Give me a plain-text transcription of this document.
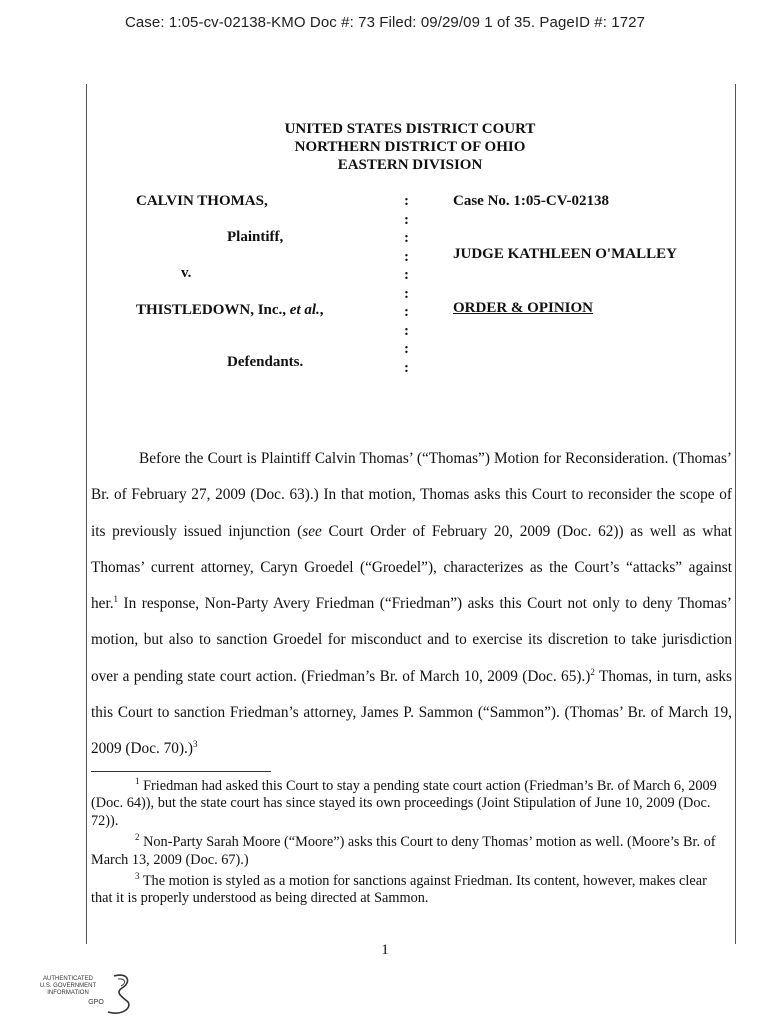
Case: 1:05-cv-02138-KMO Doc #: 73 Filed: 09/29/09 1 of 35. PageID #: 1727
UNITED STATES DISTRICT COURT
NORTHERN DISTRICT OF OHIO
EASTERN DIVISION
CALVIN THOMAS,
Plaintiff,
v.
THISTLEDOWN, Inc., et al.,
Defendants.
:
:
:
:
:
:
:
:
:
:
Case No. 1:05-CV-02138
JUDGE KATHLEEN O'MALLEY
ORDER & OPINION

Before the Court is Plaintiff Calvin Thomas’ (“Thomas”) Motion for Reconsideration. (Thomas’ Br. of February 27, 2009 (Doc. 63).) In that motion, Thomas asks this Court to reconsider the scope of its previously issued injunction (see Court Order of February 20, 2009 (Doc. 62)) as well as what Thomas’ current attorney, Caryn Groedel (“Groedel”), characterizes as the Court’s “attacks” against her.$^1$ In response, Non-Party Avery Friedman (“Friedman”) asks this Court not only to deny Thomas’ motion, but also to sanction Groedel for misconduct and to exercise its discretion to take jurisdiction over a pending state court action. (Friedman’s Br. of March 10, 2009 (Doc. 65).)$^2$ Thomas, in turn, asks this Court to sanction Friedman’s attorney, James P. Sammon (“Sammon”). (Thomas’ Br. of March 19, 2009 (Doc. 70).)$^3$

$^1$ Friedman had asked this Court to stay a pending state court action (Friedman’s Br. of March 6, 2009 (Doc. 64)), but the state court has since stayed its own proceedings (Joint Stipulation of June 10, 2009 (Doc. 72)).

$^2$ Non-Party Sarah Moore (“Moore”) asks this Court to deny Thomas’ motion as well. (Moore’s Br. of March 13, 2009 (Doc. 67).)

$^3$ The motion is styled as a motion for sanctions against Friedman. Its content, however, makes clear that it is properly understood as being directed at Sammon.

1
AUTHENTICATED
U.S. GOVERNMENT
INFORMATION
GPO
